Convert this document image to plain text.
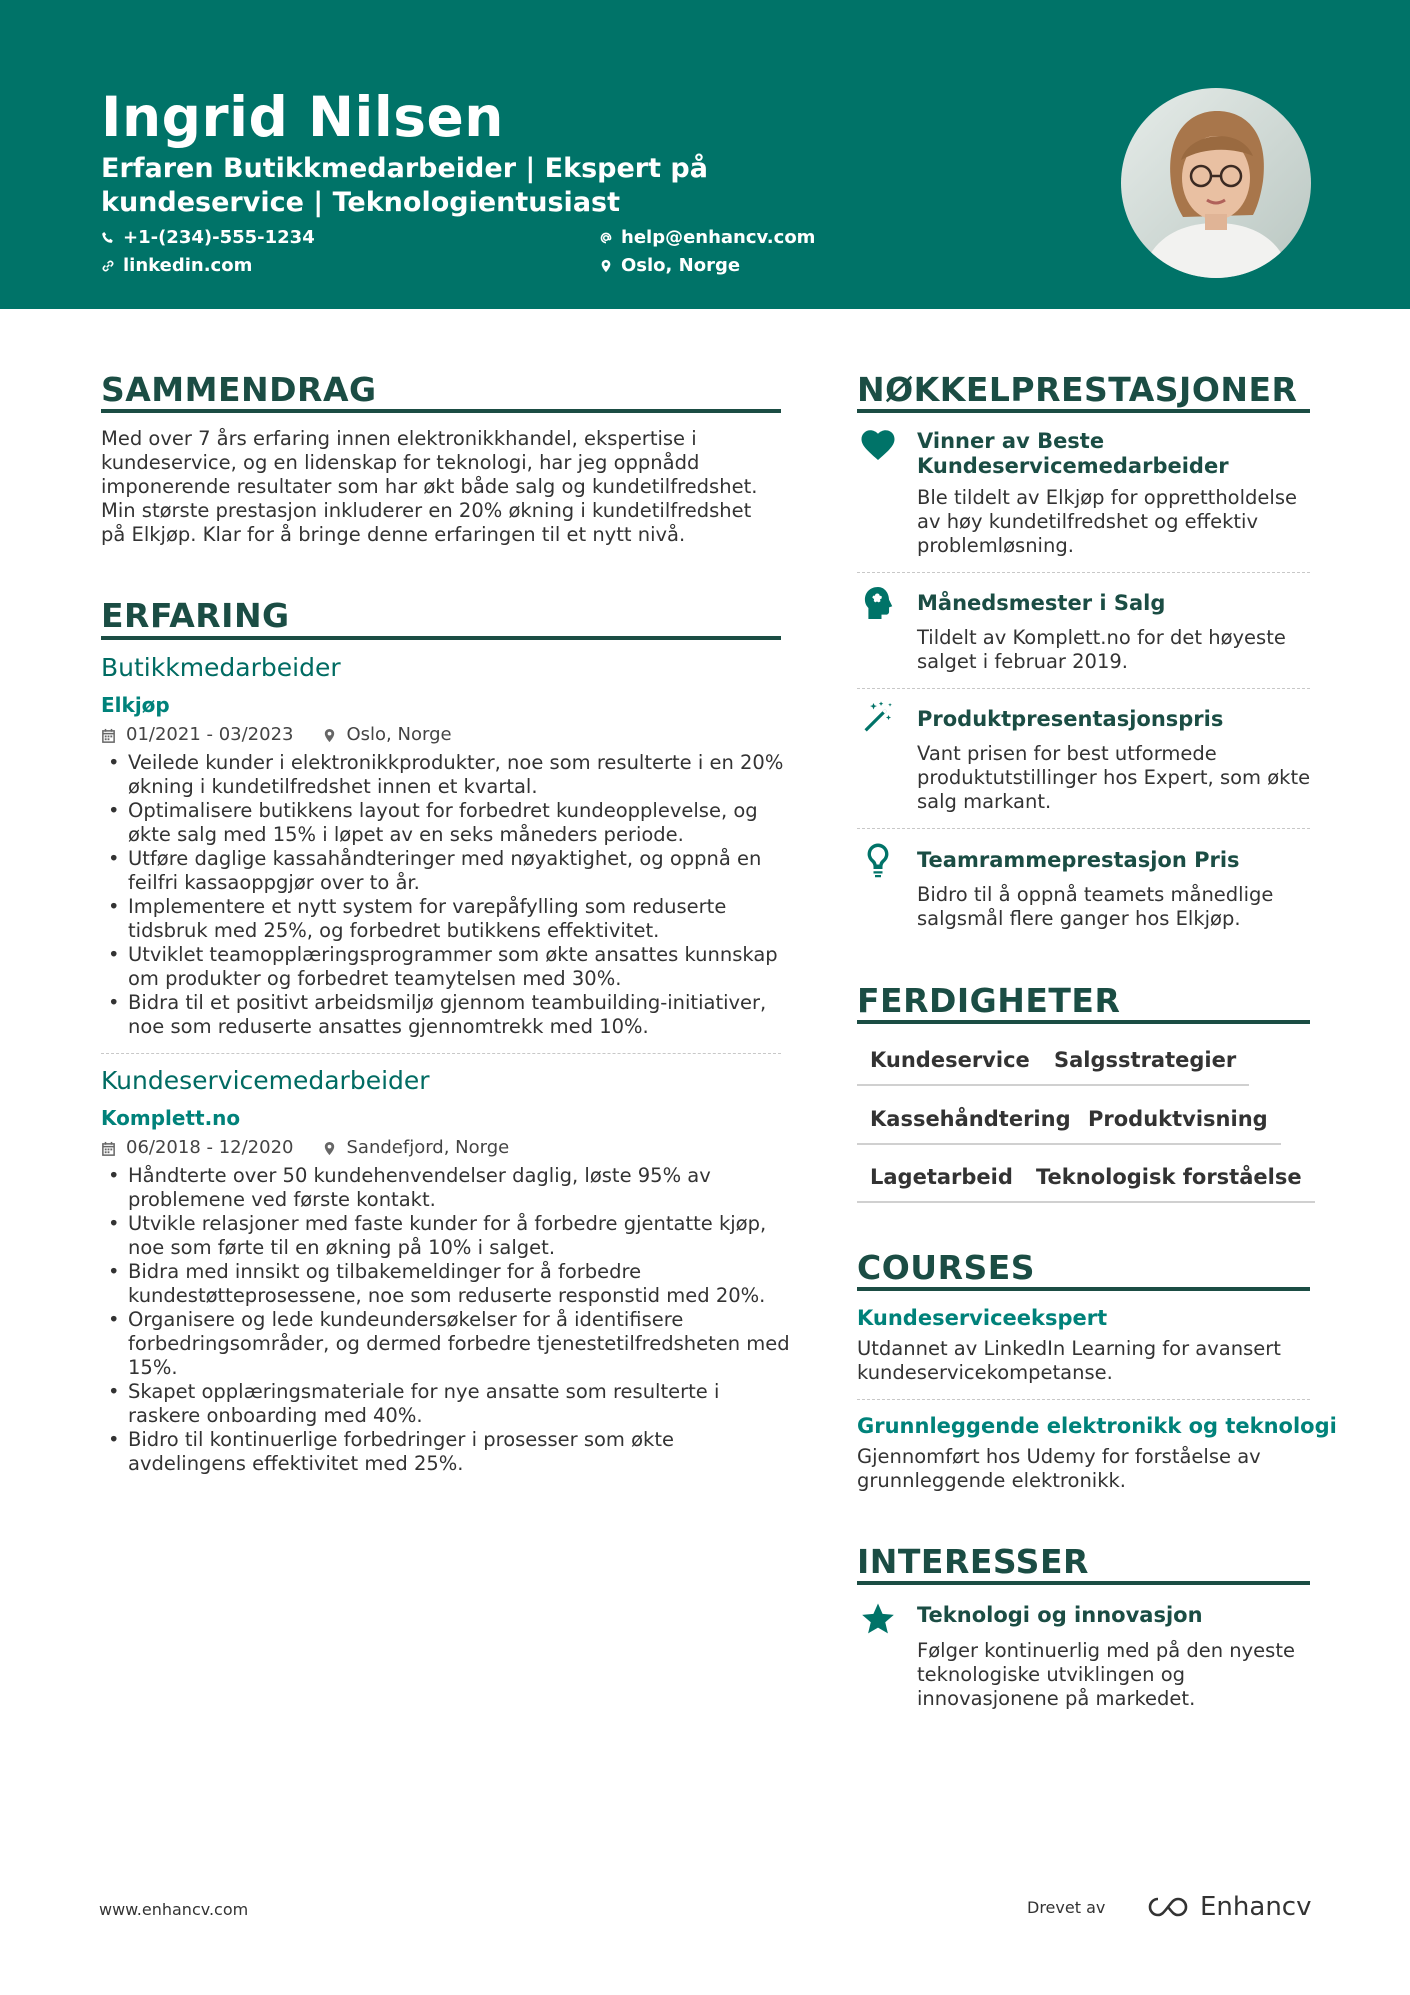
Ingrid Nilsen
Erfaren Butikkmedarbeider | Ekspert på kundeservice | Teknologientusiast
+1-(234)-555-1234
linkedin.com
help@enhancv.com
Oslo, Norge
SAMMENDRAG
Med over 7 års erfaring innen elektronikkhandel, ekspertise i kundeservice, og en lidenskap for teknologi, har jeg oppnådd imponerende resultater som har økt både salg og kundetilfredshet. Min største prestasjon inkluderer en 20% økning i kundetilfredshet på Elkjøp. Klar for å bringe denne erfaringen til et nytt nivå.
ERFARING
Butikkmedarbeider
Elkjøp
01/2021 - 03/2023	Oslo, Norge
• Veilede kunder i elektronikkprodukter, noe som resulterte i en 20% økning i kundetilfredshet innen et kvartal.
• Optimalisere butikkens layout for forbedret kundeopplevelse, og økte salg med 15% i løpet av en seks måneders periode.
• Utføre daglige kassahåndteringer med nøyaktighet, og oppnå en feilfri kassaoppgjør over to år.
• Implementere et nytt system for varepåfylling som reduserte tidsbruk med 25%, og forbedret butikkens effektivitet.
• Utviklet teamopplæringsprogrammer som økte ansattes kunnskap om produkter og forbedret teamytelsen med 30%.
• Bidra til et positivt arbeidsmiljø gjennom teambuilding-initiativer, noe som reduserte ansattes gjennomtrekk med 10%.
Kundeservicemedarbeider
Komplett.no
06/2018 - 12/2020	Sandefjord, Norge
• Håndterte over 50 kundehenvendelser daglig, løste 95% av problemene ved første kontakt.
• Utvikle relasjoner med faste kunder for å forbedre gjentatte kjøp, noe som førte til en økning på 10% i salget.
• Bidra med innsikt og tilbakemeldinger for å forbedre kundestøtteprosessene, noe som reduserte responstid med 20%.
• Organisere og lede kundeundersøkelser for å identifisere forbedringsområder, og dermed forbedre tjenestetilfredsheten med 15%.
• Skapet opplæringsmateriale for nye ansatte som resulterte i raskere onboarding med 40%.
• Bidro til kontinuerlige forbedringer i prosesser som økte avdelingens effektivitet med 25%.
NØKKELPRESTASJONER
Vinner av Beste Kundeservicemedarbeider
Ble tildelt av Elkjøp for opprettholdelse av høy kundetilfredshet og effektiv problemløsning.
Månedsmester i Salg
Tildelt av Komplett.no for det høyeste salget i februar 2019.
Produktpresentasjonspris
Vant prisen for best utformede produktutstillinger hos Expert, som økte salg markant.
Teamrammeprestasjon Pris
Bidro til å oppnå teamets månedlige salgsmål flere ganger hos Elkjøp.
FERDIGHETER
Kundeservice	Salgsstrategier
Kassehåndtering Produktvisning
Lagetarbeid	Teknologisk forståelse
COURSES
Kundeserviceekspert
Utdannet av LinkedIn Learning for avansert kundeservicekompetanse.
Grunnleggende elektronikk og teknologi
Gjennomført hos Udemy for forståelse av grunnleggende elektronikk.
INTERESSER
Teknologi og innovasjon
Følger kontinuerlig med på den nyeste teknologiske utviklingen og innovasjonene på markedet.
www.enhancv.com	Drevet av	Enhancv
